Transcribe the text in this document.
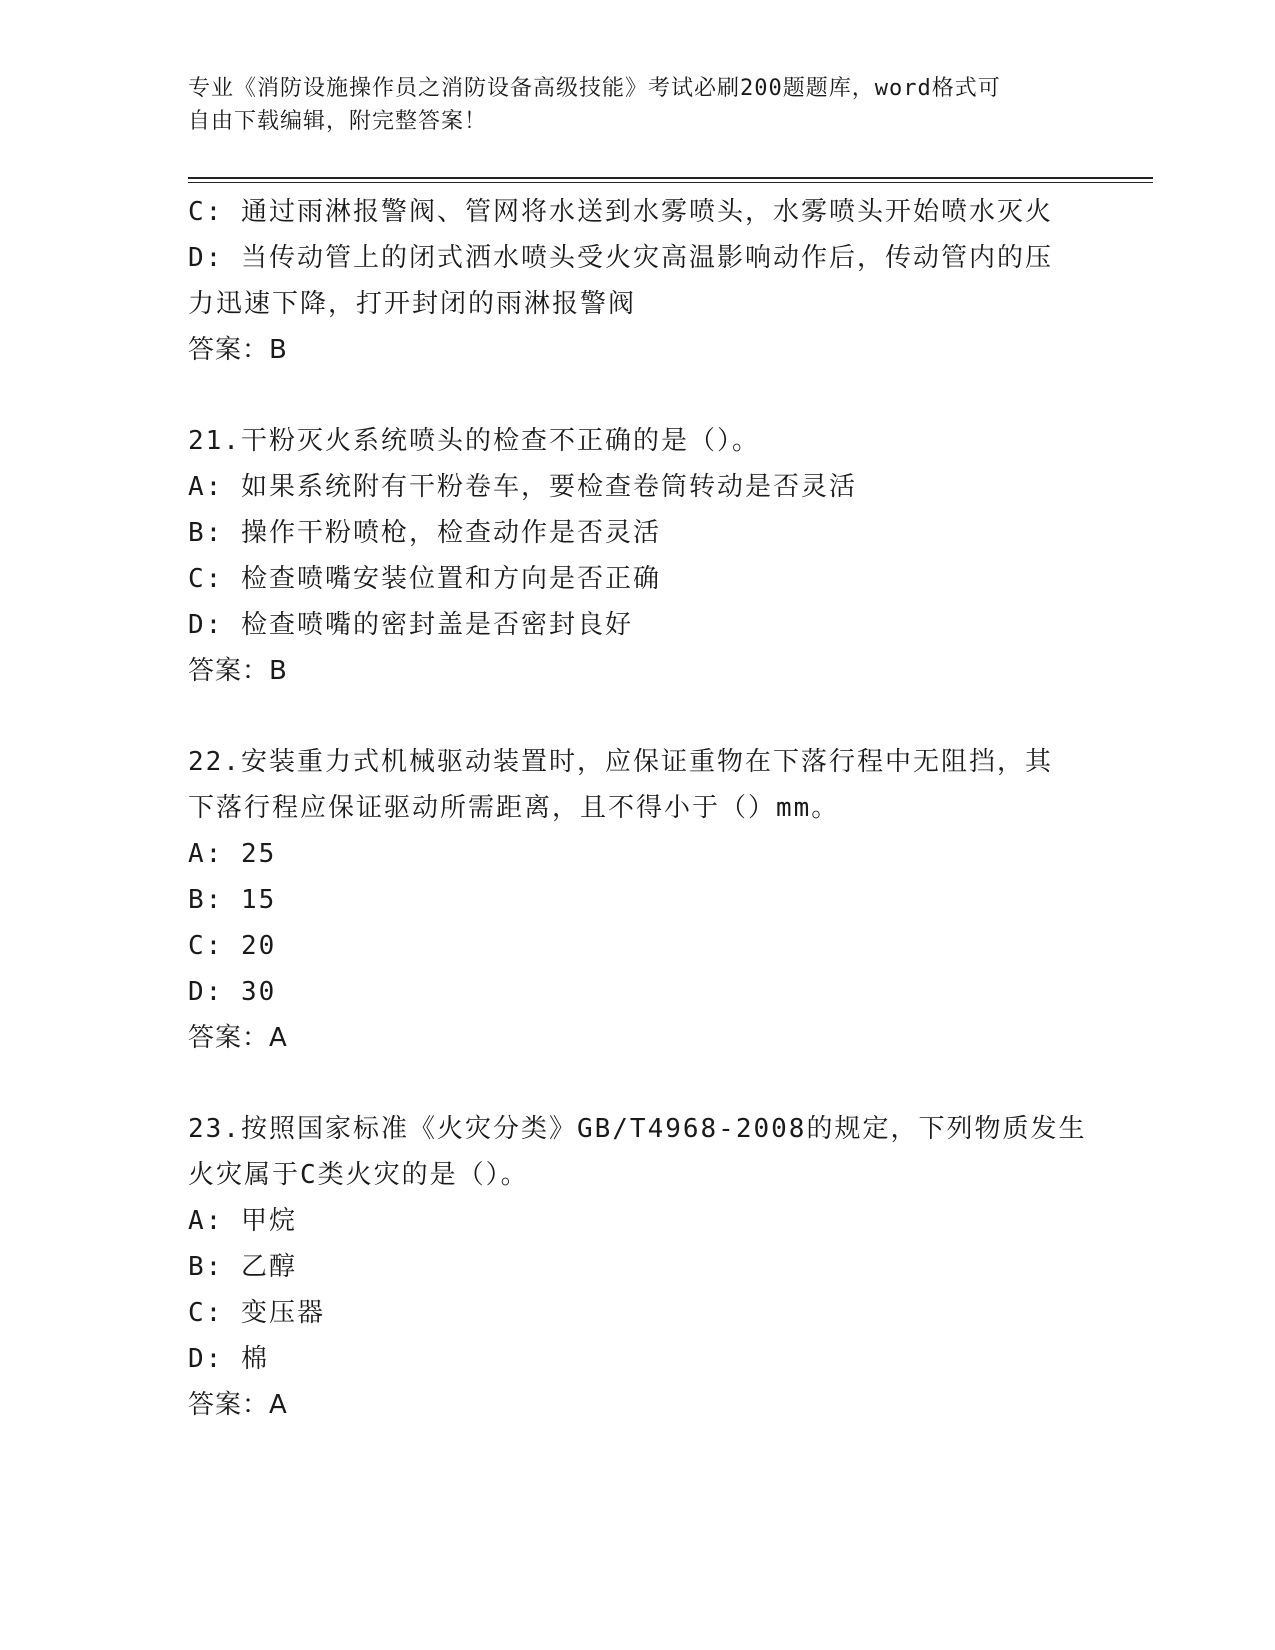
专业《消防设施操作员之消防设备高级技能》考试必刷200题题库，word格式可
自由下载编辑，附完整答案！
C: 通过雨淋报警阀、管网将水送到水雾喷头，水雾喷头开始喷水灭火
D: 当传动管上的闭式洒水喷头受火灾高温影响动作后，传动管内的压
力迅速下降，打开封闭的雨淋报警阀
答案：B
21.干粉灭火系统喷头的检查不正确的是（）。
A: 如果系统附有干粉卷车，要检查卷筒转动是否灵活
B: 操作干粉喷枪，检查动作是否灵活
C: 检查喷嘴安装位置和方向是否正确
D: 检查喷嘴的密封盖是否密封良好
答案：B
22.安装重力式机械驱动装置时，应保证重物在下落行程中无阻挡，其
下落行程应保证驱动所需距离，且不得小于（）mm。
A: 25
B: 15
C: 20
D: 30
答案：A
23.按照国家标准《火灾分类》GB/T4968-2008的规定，下列物质发生
火灾属于C类火灾的是（）。
A: 甲烷
B: 乙醇
C: 变压器
D: 棉
答案：A
